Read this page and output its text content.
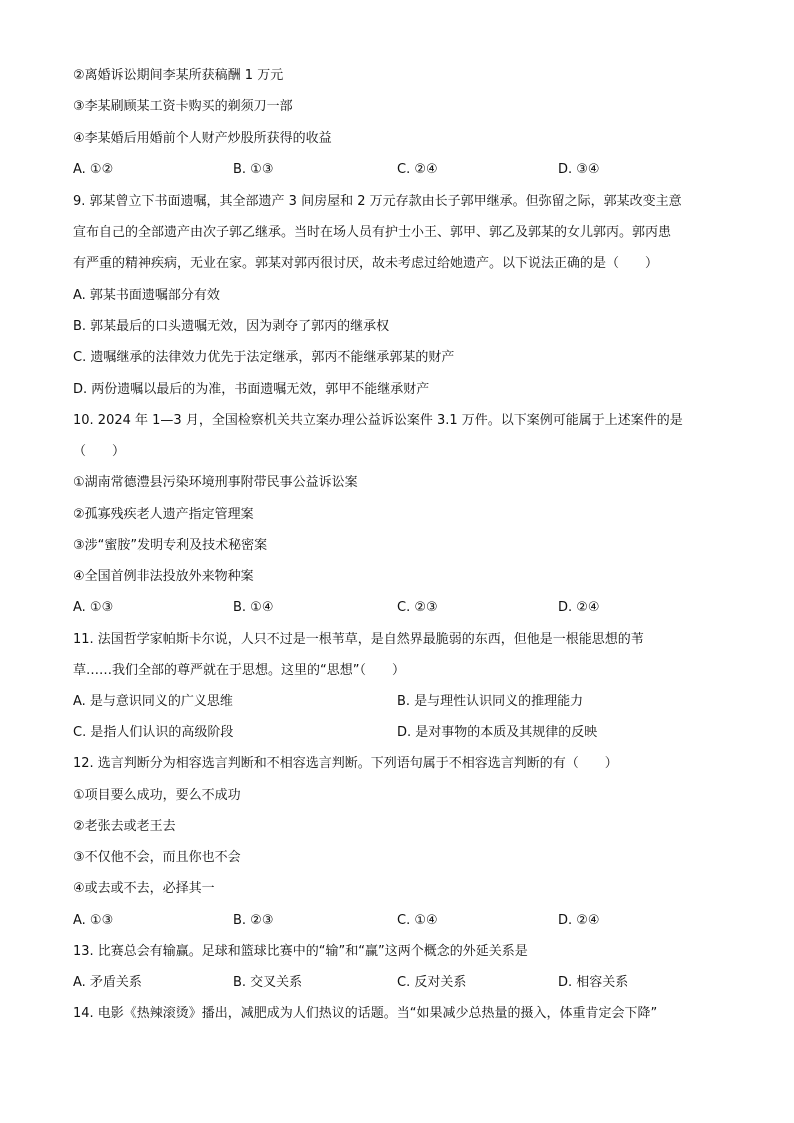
②离婚诉讼期间李某所获稿酬 1 万元
③李某刷顾某工资卡购买的剃须刀一部
④李某婚后用婚前个人财产炒股所获得的收益
A. ①②	B. ①③	C. ②④	D. ③④
9. 郭某曾立下书面遗嘱，其全部遗产 3 间房屋和 2 万元存款由长子郭甲继承。但弥留之际，郭某改变主意
宣布自己的全部遗产由次子郭乙继承。当时在场人员有护士小王、郭甲、郭乙及郭某的女儿郭丙。郭丙患
有严重的精神疾病，无业在家。郭某对郭丙很讨厌，故未考虑过给她遗产。以下说法正确的是（　　）
A. 郭某书面遗嘱部分有效
B. 郭某最后的口头遗嘱无效，因为剥夺了郭丙的继承权
C. 遗嘱继承的法律效力优先于法定继承，郭丙不能继承郭某的财产
D. 两份遗嘱以最后的为准，书面遗嘱无效，郭甲不能继承财产
10. 2024 年 1—3 月，全国检察机关共立案办理公益诉讼案件 3.1 万件。以下案例可能属于上述案件的是
（　　）
①湖南常德澧县污染环境刑事附带民事公益诉讼案
②孤寡残疾老人遗产指定管理案
③涉“蜜胺”发明专利及技术秘密案
④全国首例非法投放外来物种案
A. ①③	B. ①④	C. ②③	D. ②④
11. 法国哲学家帕斯卡尔说，人只不过是一根苇草，是自然界最脆弱的东西，但他是一根能思想的苇
草……我们全部的尊严就在于思想。这里的“思想”（　　）
A. 是与意识同义的广义思维	B. 是与理性认识同义的推理能力
C. 是指人们认识的高级阶段	D. 是对事物的本质及其规律的反映
12. 选言判断分为相容选言判断和不相容选言判断。下列语句属于不相容选言判断的有（　　）
①项目要么成功，要么不成功
②老张去或老王去
③不仅他不会，而且你也不会
④或去或不去，必择其一
A. ①③	B. ②③	C. ①④	D. ②④
13. 比赛总会有输赢。足球和篮球比赛中的“输”和“赢”这两个概念的外延关系是
A. 矛盾关系	B. 交叉关系	C. 反对关系	D. 相容关系
14. 电影《热辣滚烫》播出，减肥成为人们热议的话题。当“如果减少总热量的摄入，体重肯定会下降”
